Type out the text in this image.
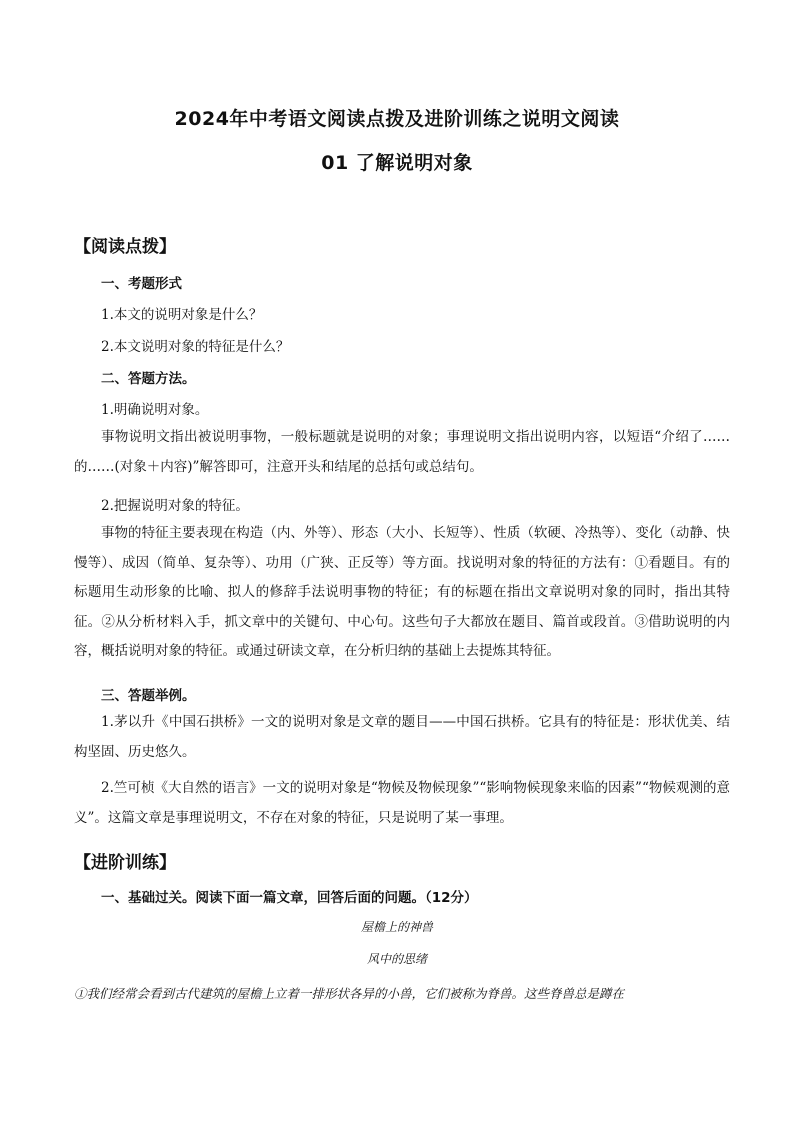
2024年中考语文阅读点拨及进阶训练之说明文阅读
01 了解说明对象
【阅读点拨】
一、考题形式
1.本文的说明对象是什么？
2.本文说明对象的特征是什么？
二、答题方法。
1.明确说明对象。
事物说明文指出被说明事物，一般标题就是说明的对象；事理说明文指出说明内容，以短语“介绍了……的……(对象＋内容)”解答即可，注意开头和结尾的总括句或总结句。
2.把握说明对象的特征。
事物的特征主要表现在构造（内、外等）、形态（大小、长短等）、性质（软硬、冷热等）、变化（动静、快慢等）、成因（简单、复杂等）、功用（广狭、正反等）等方面。找说明对象的特征的方法有：①看题目。有的标题用生动形象的比喻、拟人的修辞手法说明事物的特征；有的标题在指出文章说明对象的同时，指出其特征。②从分析材料入手，抓文章中的关键句、中心句。这些句子大都放在题目、篇首或段首。③借助说明的内容，概括说明对象的特征。或通过研读文章，在分析归纳的基础上去提炼其特征。
三、答题举例。
1.茅以升《中国石拱桥》一文的说明对象是文章的题目——中国石拱桥。它具有的特征是：形状优美、结构坚固、历史悠久。
2.竺可桢《大自然的语言》一文的说明对象是“物候及物候现象”“影响物候现象来临的因素”“物候观测的意义”。这篇文章是事理说明文，不存在对象的特征，只是说明了某一事理。
【进阶训练】
一、基础过关。阅读下面一篇文章，回答后面的问题。（12分）
屋檐上的神兽
风中的思绪
①我们经常会看到古代建筑的屋檐上立着一排形状各异的小兽，它们被称为脊兽。这些脊兽总是蹲在
